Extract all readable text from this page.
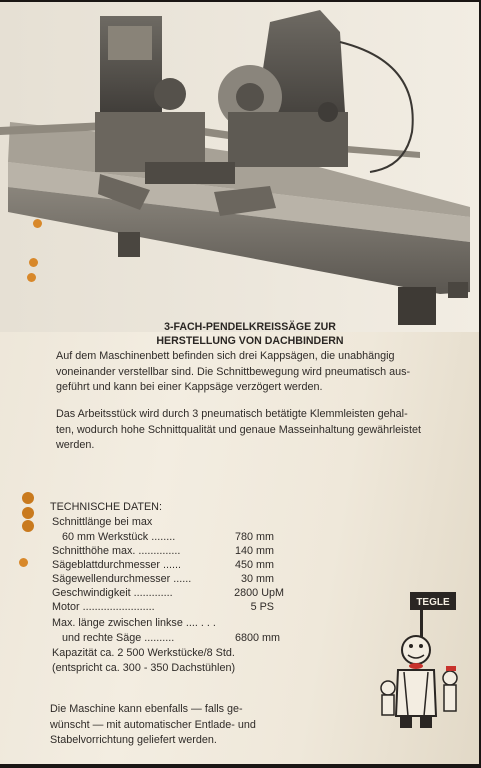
3-FACH-PENDELKREISSÄGE ZUR
HERSTELLUNG VON DACHBINDERN
Auf dem Maschinenbett befinden sich drei Kappsägen, die unabhängig
voneinander verstellbar sind. Die Schnittbewegung wird pneumatisch aus-
geführt und kann bei einer Kappsäge verzögert werden.
Das Arbeitsstück wird durch 3 pneumatisch betätigte Klemmleisten gehal-
ten, wodurch hohe Schnittqualität und genaue Masseinhaltung gewährleistet
werden.
TECHNISCHE DATEN:
Schnittlänge bei max
60 mm Werkstück ........	780 mm
Schnitthöhe max. ..............	140 mm
Sägeblattdurchmesser ......	450 mm
Sägewellendurchmesser ......	30 mm
Geschwindigkeit .............	2800 UpM
Motor ........................	5 PS
Max. länge zwischen linkse .... . . .
und rechte Säge ..........	6800 mm
Kapazität ca. 2 500 Werkstücke/8 Std.
(entspricht ca. 300 - 350 Dachstühlen)
Die Maschine kann ebenfalls — falls ge-
wünscht — mit automatischer Entlade- und
Stabelvorrichtung geliefert werden.
TEGLE
